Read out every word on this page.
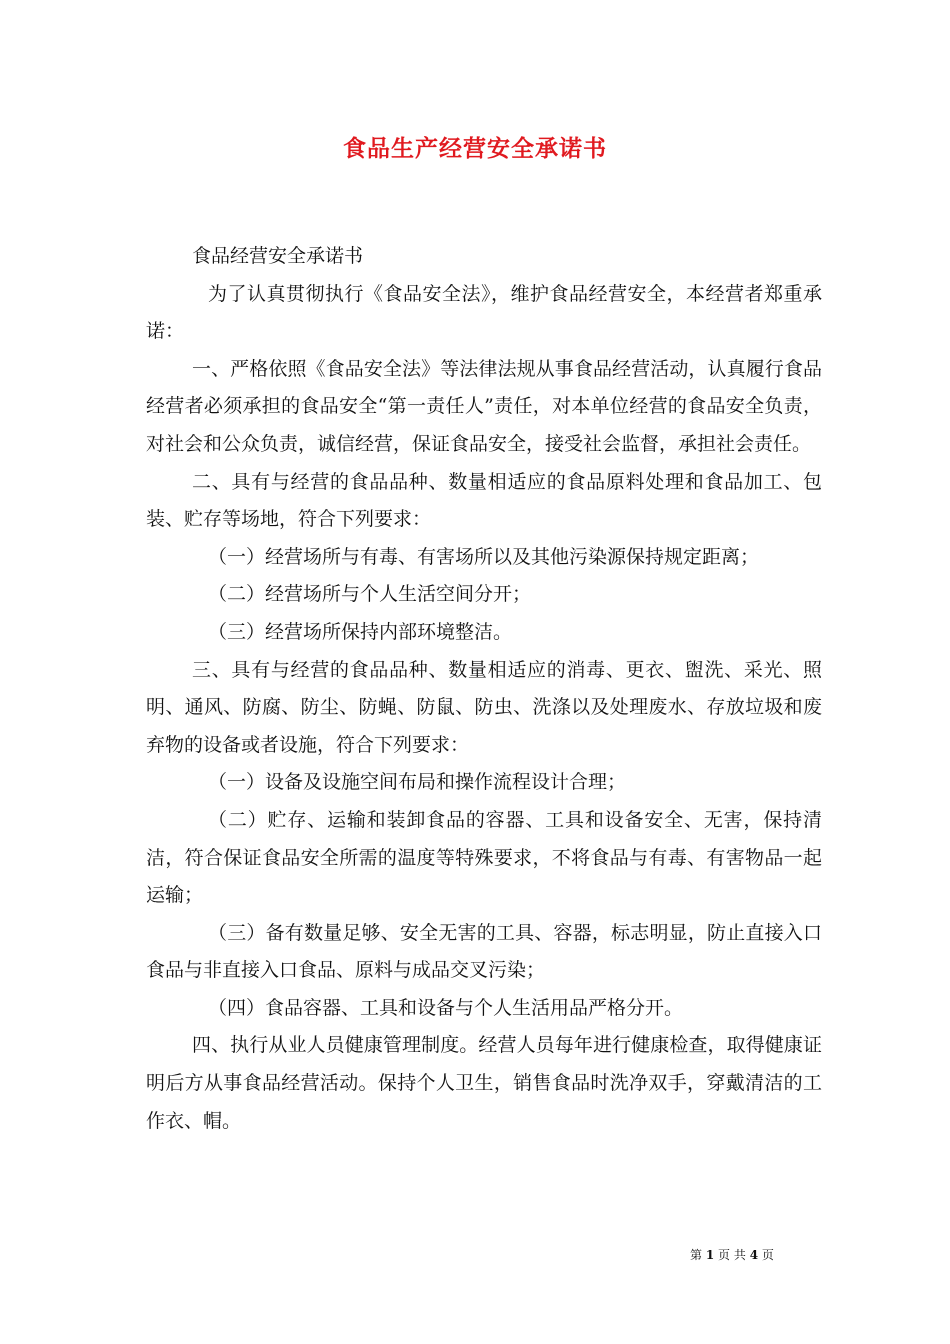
食品生产经营安全承诺书

食品经营安全承诺书

为了认真贯彻执行《食品安全法》，维护食品经营安全，本经营者郑重承诺：

一、严格依照《食品安全法》等法律法规从事食品经营活动，认真履行食品经营者必须承担的食品安全“第一责任人”责任，对本单位经营的食品安全负责，对社会和公众负责，诚信经营，保证食品安全，接受社会监督，承担社会责任。

二、具有与经营的食品品种、数量相适应的食品原料处理和食品加工、包装、贮存等场地，符合下列要求：

（一）经营场所与有毒、有害场所以及其他污染源保持规定距离；

（二）经营场所与个人生活空间分开；

（三）经营场所保持内部环境整洁。

三、具有与经营的食品品种、数量相适应的消毒、更衣、盥洗、采光、照明、通风、防腐、防尘、防蝇、防鼠、防虫、洗涤以及处理废水、存放垃圾和废弃物的设备或者设施，符合下列要求：

（一）设备及设施空间布局和操作流程设计合理；

（二）贮存、运输和装卸食品的容器、工具和设备安全、无害，保持清洁，符合保证食品安全所需的温度等特殊要求，不将食品与有毒、有害物品一起运输；

（三）备有数量足够、安全无害的工具、容器，标志明显，防止直接入口食品与非直接入口食品、原料与成品交叉污染；

（四）食品容器、工具和设备与个人生活用品严格分开。

四、执行从业人员健康管理制度。经营人员每年进行健康检查，取得健康证明后方从事食品经营活动。保持个人卫生，销售食品时洗净双手，穿戴清洁的工作衣、帽。

第 1 页 共 4 页
